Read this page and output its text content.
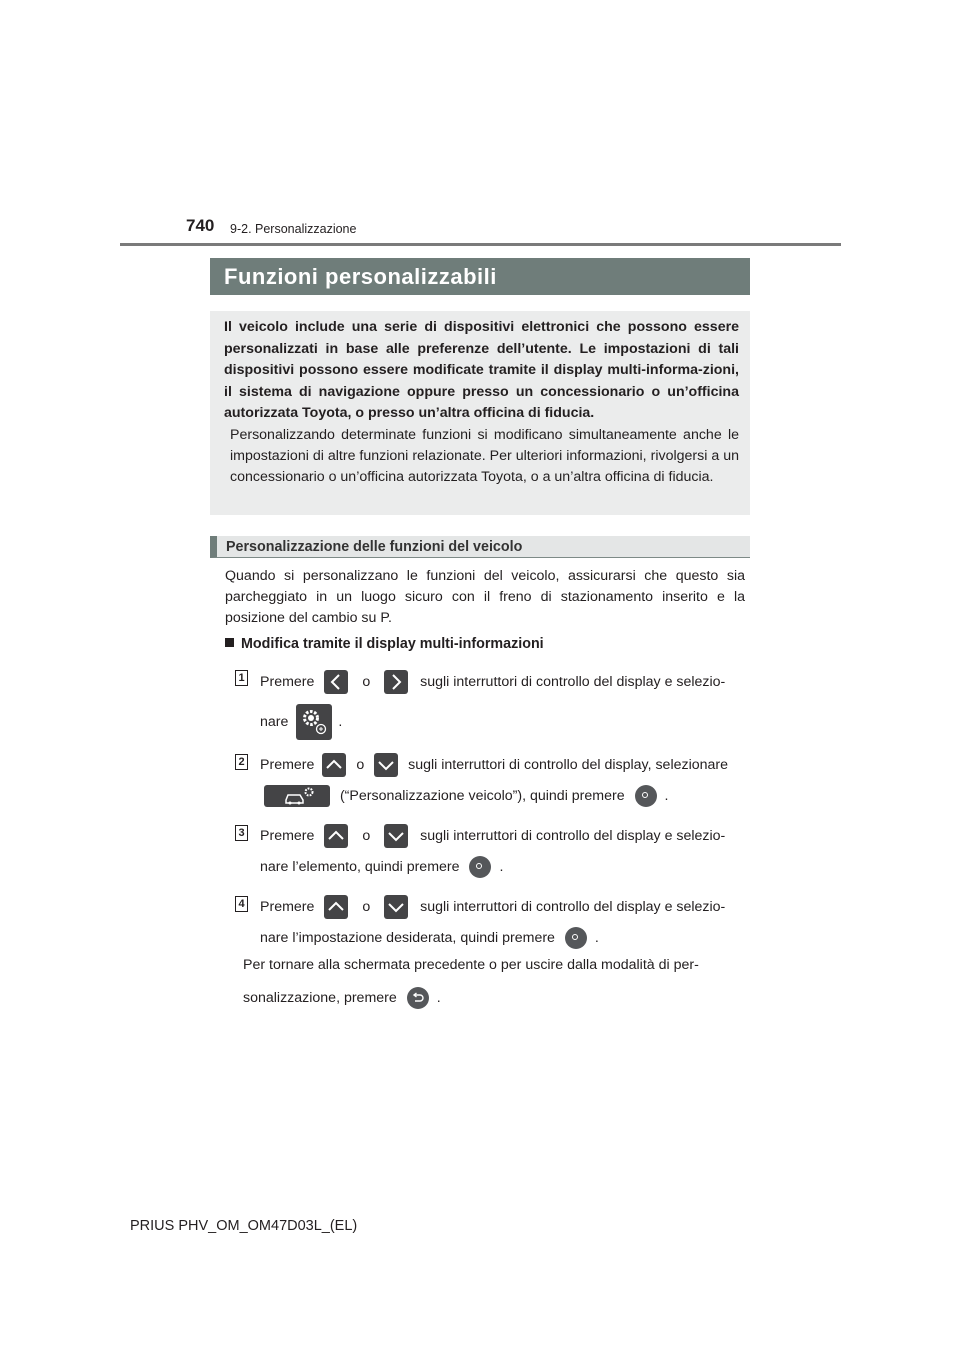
740 9-2. Personalizzazione
Funzioni personalizzabili
Il veicolo include una serie di dispositivi elettronici che possono essere personalizzati in base alle preferenze dell’utente. Le impostazioni di tali dispositivi possono essere modificate tramite il display multi-informa-zioni, il sistema di navigazione oppure presso un concessionario o un’officina autorizzata Toyota, o presso un’altra officina di fiducia.
Personalizzando determinate funzioni si modificano simultaneamente anche le impostazioni di altre funzioni relazionate. Per ulteriori informazioni, rivolgersi a un concessionario o un’officina autorizzata Toyota, o a un’altra officina di fiducia.
Personalizzazione delle funzioni del veicolo
Quando si personalizzano le funzioni del veicolo, assicurarsi che questo sia parcheggiato in un luogo sicuro con il freno di stazionamento inserito e la posizione del cambio su P.
Modifica tramite il display multi-informazioni
1 Premere	o	sugli interruttori di controllo del display e selezio-
nare	.
2 Premere	o	sugli interruttori di controllo del display, selezionare
(“Personalizzazione veicolo”), quindi premere	.
3 Premere	o	sugli interruttori di controllo del display e selezio-
nare l’elemento, quindi premere	.
4 Premere	o	sugli interruttori di controllo del display e selezio-
nare l’impostazione desiderata, quindi premere	.
Per tornare alla schermata precedente o per uscire dalla modalità di per-
sonalizzazione, premere	.
PRIUS PHV_OM_OM47D03L_(EL)
